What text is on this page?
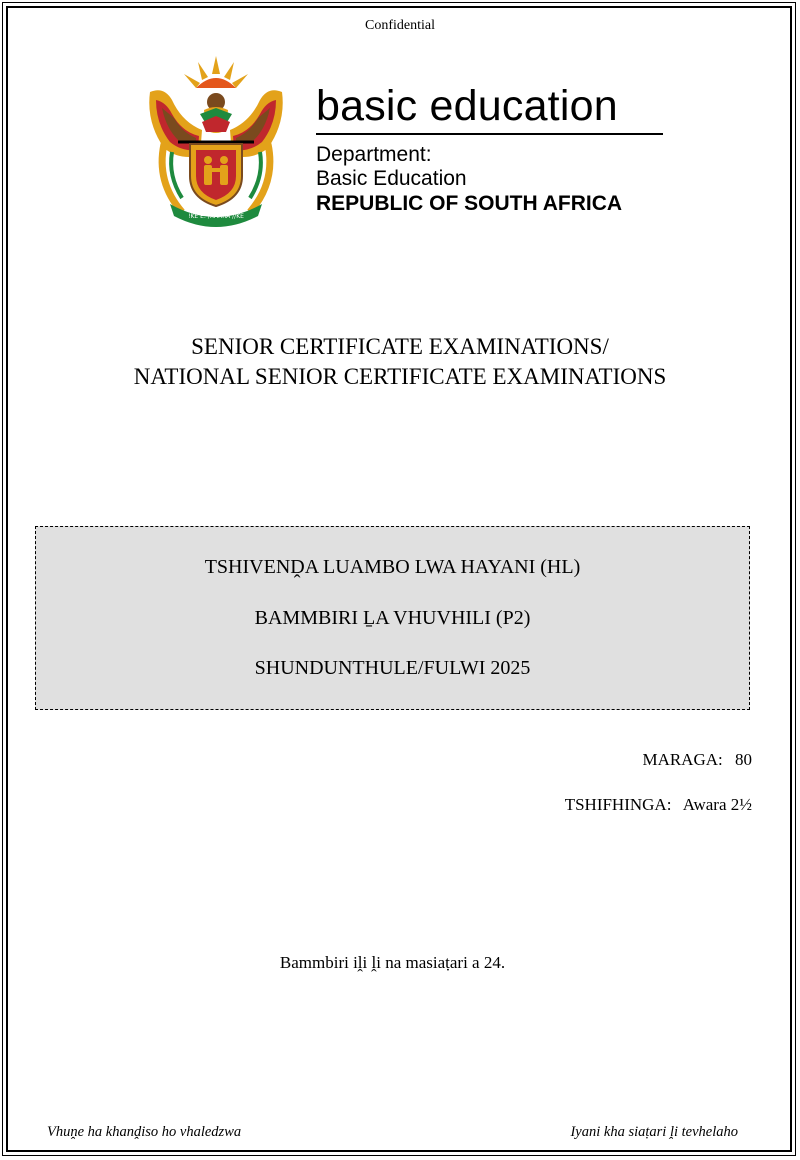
Confidential
!KE E: /XARRA //KE
basic education
Department:
Basic Education
REPUBLIC OF SOUTH AFRICA
SENIOR CERTIFICATE EXAMINATIONS/
NATIONAL SENIOR CERTIFICATE EXAMINATIONS
TSHIVENḒA LUAMBO LWA HAYANI (HL)
BAMMBIRI ḺA VHUVHILI (P2)
SHUNDUNTHULE/FULWI 2025
MARAGA: 80
TSHIFHINGA: Awara 2½
Bammbiri iḽi ḽi na masiaṭari a 24.
Vhuṋe ha khanḓiso ho vhaledzwa	Iyani kha siaṭari ḽi tevhelaho
